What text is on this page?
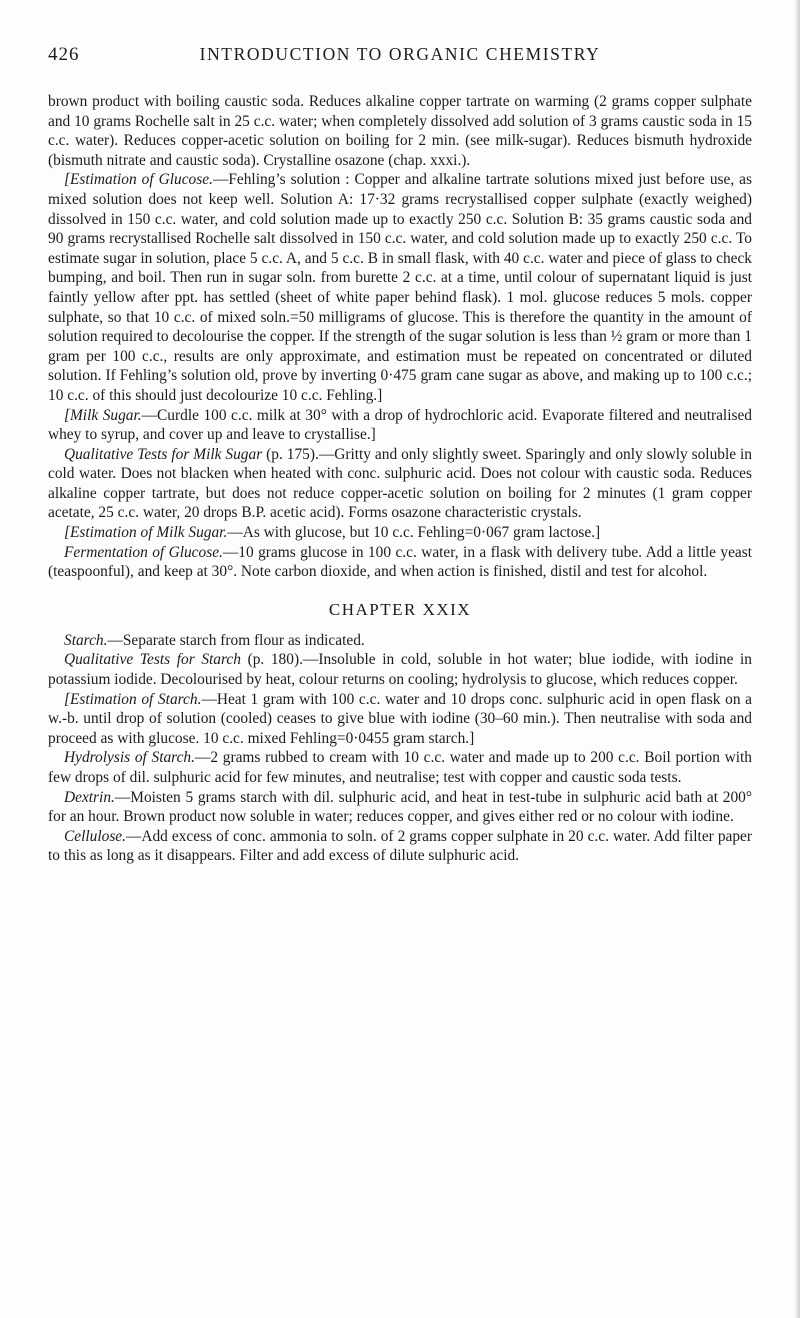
426	INTRODUCTION TO ORGANIC CHEMISTRY

brown product with boiling caustic soda. Reduces alkaline copper tartrate on warming (2 grams copper sulphate and 10 grams Rochelle salt in 25 c.c. water; when completely dissolved add solution of 3 grams caustic soda in 15 c.c. water). Reduces copper-acetic solution on boiling for 2 min. (see milk-sugar). Reduces bismuth hydroxide (bismuth nitrate and caustic soda). Crystalline osazone (chap. xxxi.).

[Estimation of Glucose.—Fehling’s solution : Copper and alkaline tartrate solutions mixed just before use, as mixed solution does not keep well. Solution A: 17·32 grams recrystallised copper sulphate (exactly weighed) dissolved in 150 c.c. water, and cold solution made up to exactly 250 c.c. Solution B: 35 grams caustic soda and 90 grams recrystallised Rochelle salt dissolved in 150 c.c. water, and cold solution made up to exactly 250 c.c. To estimate sugar in solution, place 5 c.c. A, and 5 c.c. B in small flask, with 40 c.c. water and piece of glass to check bumping, and boil. Then run in sugar soln. from burette 2 c.c. at a time, until colour of supernatant liquid is just faintly yellow after ppt. has settled (sheet of white paper behind flask). 1 mol. glucose reduces 5 mols. copper sulphate, so that 10 c.c. of mixed soln.=50 milligrams of glucose. This is therefore the quantity in the amount of solution required to decolourise the copper. If the strength of the sugar solution is less than ½ gram or more than 1 gram per 100 c.c., results are only approximate, and estimation must be repeated on concentrated or diluted solution. If Fehling’s solution old, prove by inverting 0·475 gram cane sugar as above, and making up to 100 c.c.; 10 c.c. of this should just decolourize 10 c.c. Fehling.]

[Milk Sugar.—Curdle 100 c.c. milk at 30° with a drop of hydrochloric acid. Evaporate filtered and neutralised whey to syrup, and cover up and leave to crystallise.]

Qualitative Tests for Milk Sugar (p. 175).—Gritty and only slightly sweet. Sparingly and only slowly soluble in cold water. Does not blacken when heated with conc. sulphuric acid. Does not colour with caustic soda. Reduces alkaline copper tartrate, but does not reduce copper-acetic solution on boiling for 2 minutes (1 gram copper acetate, 25 c.c. water, 20 drops B.P. acetic acid). Forms osazone characteristic crystals.

[Estimation of Milk Sugar.—As with glucose, but 10 c.c. Fehling=0·067 gram lactose.]

Fermentation of Glucose.—10 grams glucose in 100 c.c. water, in a flask with delivery tube. Add a little yeast (teaspoonful), and keep at 30°. Note carbon dioxide, and when action is finished, distil and test for alcohol.

CHAPTER XXIX

Starch.—Separate starch from flour as indicated.

Qualitative Tests for Starch (p. 180).—Insoluble in cold, soluble in hot water; blue iodide, with iodine in potassium iodide. Decolourised by heat, colour returns on cooling; hydrolysis to glucose, which reduces copper.

[Estimation of Starch.—Heat 1 gram with 100 c.c. water and 10 drops conc. sulphuric acid in open flask on a w.-b. until drop of solution (cooled) ceases to give blue with iodine (30–60 min.). Then neutralise with soda and proceed as with glucose. 10 c.c. mixed Fehling=0·0455 gram starch.]

Hydrolysis of Starch.—2 grams rubbed to cream with 10 c.c. water and made up to 200 c.c. Boil portion with few drops of dil. sulphuric acid for few minutes, and neutralise; test with copper and caustic soda tests.

Dextrin.—Moisten 5 grams starch with dil. sulphuric acid, and heat in test-tube in sulphuric acid bath at 200° for an hour. Brown product now soluble in water; reduces copper, and gives either red or no colour with iodine.

Cellulose.—Add excess of conc. ammonia to soln. of 2 grams copper sulphate in 20 c.c. water. Add filter paper to this as long as it disappears. Filter and add excess of dilute sulphuric acid.
